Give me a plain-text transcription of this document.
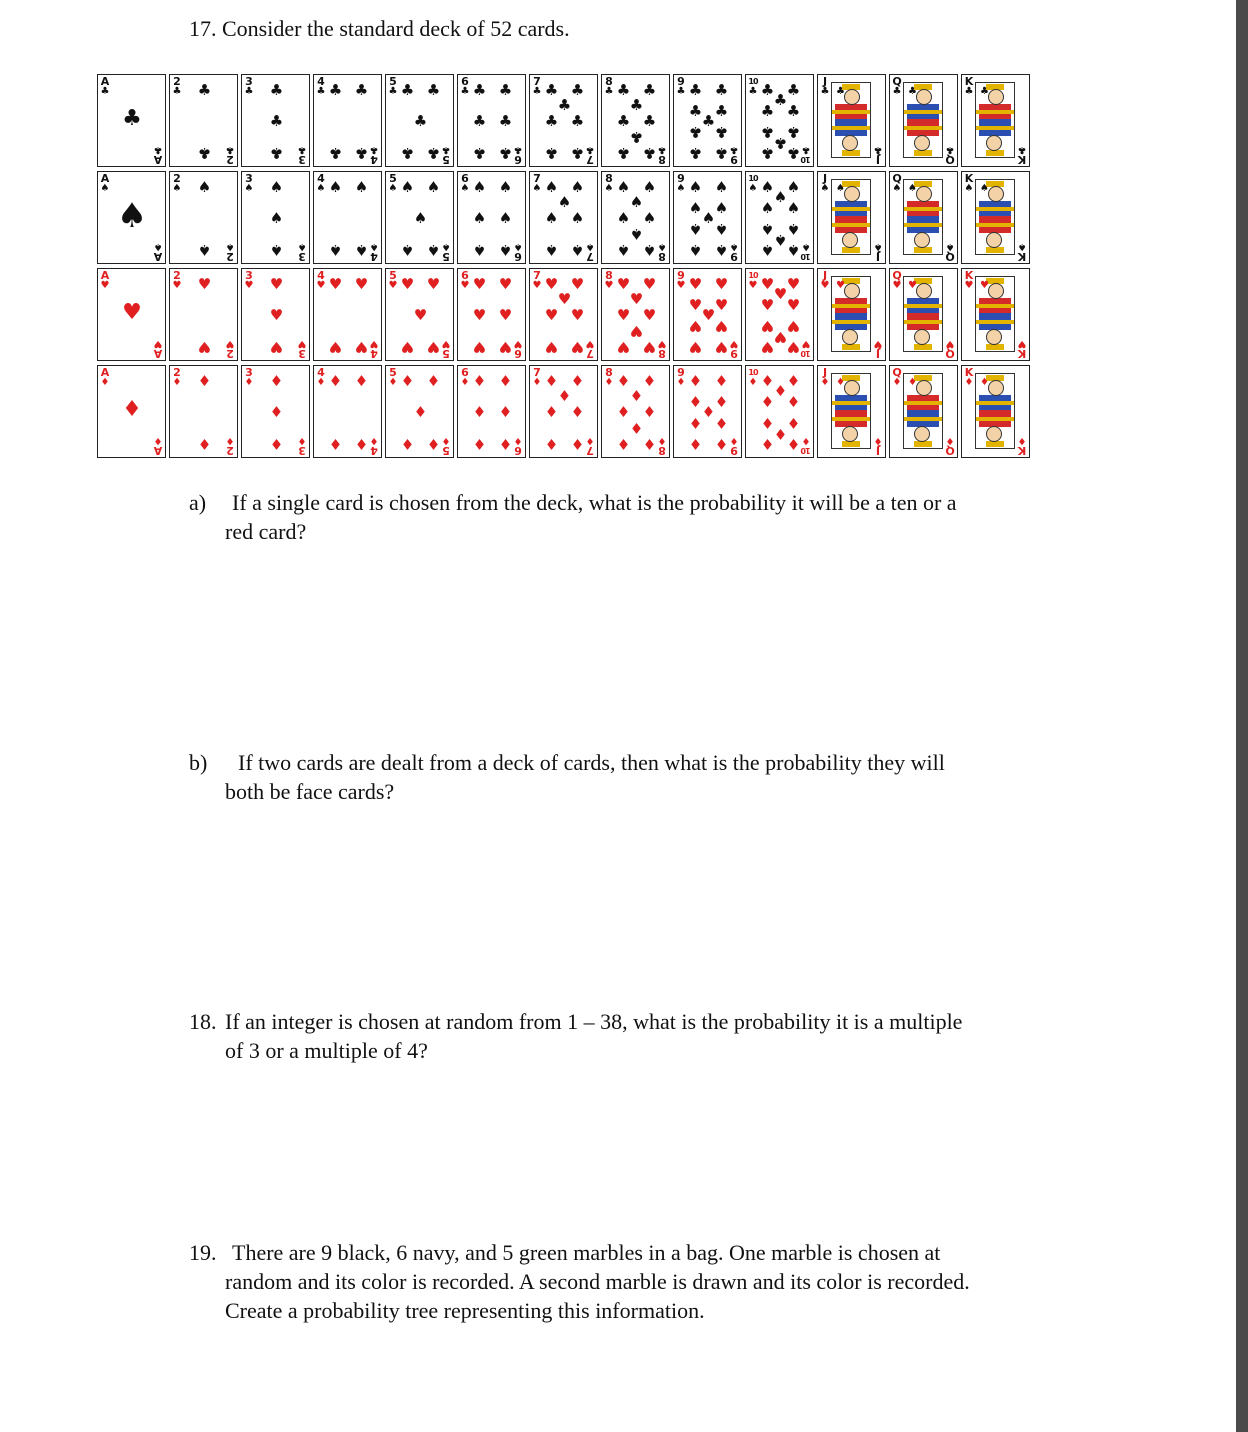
17. Consider the standard deck of 52 cards.

A
♣
A
♣
♣
2
♣
2
♣
♣
♣
3
♣
3
♣
♣
♣
♣
4
♣
4
♣
♣ ♣
♣ ♣
5
♣
5
♣
♣ ♣
♣
♣ ♣
6
♣
6
♣
♣ ♣
♣ ♣
♣ ♣
7
♣
7
♣
♣ ♣
♣
♣ ♣
♣ ♣
8
♣
8
♣
♣ ♣
♣
♣ ♣
♣
♣ ♣
9
♣
9
♣
♣ ♣
♣ ♣
♣
♣ ♣
♣ ♣
10
♣
10
♣
♣ ♣
♣
♣ ♣
♣ ♣
♣
♣ ♣
J
♣
J
♣
♣
Q
♣
Q
♣
♣
K
♣
K
♣
♣
A
♠
A
♠
♠
2
♠
2
♠
♠
♠
3
♠
3
♠
♠
♠
♠
4
♠
4
♠
♠ ♠
♠ ♠
5
♠
5
♠
♠ ♠
♠
♠ ♠
6
♠
6
♠
♠ ♠
♠ ♠
♠ ♠
7
♠
7
♠
♠ ♠
♠
♠ ♠
♠ ♠
8
♠
8
♠
♠ ♠
♠
♠ ♠
♠
♠ ♠
9
♠
9
♠
♠ ♠
♠ ♠
♠
♠ ♠
♠ ♠
10
♠
10
♠
♠ ♠
♠
♠ ♠
♠ ♠
♠
♠ ♠
J
♠
J
♠
♠
Q
♠
Q
♠
♠
K
♠
K
♠
♠
A
♥
A
♥
♥
2
♥
2
♥
♥
♥
3
♥
3
♥
♥
♥
♥
4
♥
4
♥
♥ ♥
♥ ♥
5
♥
5
♥
♥ ♥
♥
♥ ♥
6
♥
6
♥
♥ ♥
♥ ♥
♥ ♥
7
♥
7
♥
♥ ♥
♥
♥ ♥
♥ ♥
8
♥
8
♥
♥ ♥
♥
♥ ♥
♥
♥ ♥
9
♥
9
♥
♥ ♥
♥ ♥
♥
♥ ♥
♥ ♥
10
♥
10
♥
♥ ♥
♥
♥ ♥
♥ ♥
♥
♥ ♥
J
♥
J
♥
♥
Q
♥
Q
♥
♥
K
♥
K
♥
♥
A
♦
A
♦
♦
2
♦
2
♦
♦
♦
3
♦
3
♦
♦
♦
♦
4
♦
4
♦
♦ ♦
♦ ♦
5
♦
5
♦
♦ ♦
♦
♦ ♦
6
♦
6
♦
♦ ♦
♦ ♦
♦ ♦
7
♦
7
♦
♦ ♦
♦
♦ ♦
♦ ♦
8
♦
8
♦
♦ ♦
♦
♦ ♦
♦
♦ ♦
9
♦
9
♦
♦ ♦
♦ ♦
♦
♦ ♦
♦ ♦
10
♦
10
♦
♦ ♦
♦
♦ ♦
♦ ♦
♦
♦ ♦
J
♦
J
♦
♦
Q
♦
Q
♦
♦
K
♦
K
♦
♦

a)	If a single card is chosen from the deck, what is the probability it will be a ten or a
red card?

b)	If two cards are dealt from a deck of cards, then what is the probability they will
both be face cards?

18. If an integer is chosen at random from 1 – 38, what is the probability it is a multiple
of 3 or a multiple of 4?

19. There are 9 black, 6 navy, and 5 green marbles in a bag. One marble is chosen at
random and its color is recorded. A second marble is drawn and its color is recorded.
Create a probability tree representing this information.
